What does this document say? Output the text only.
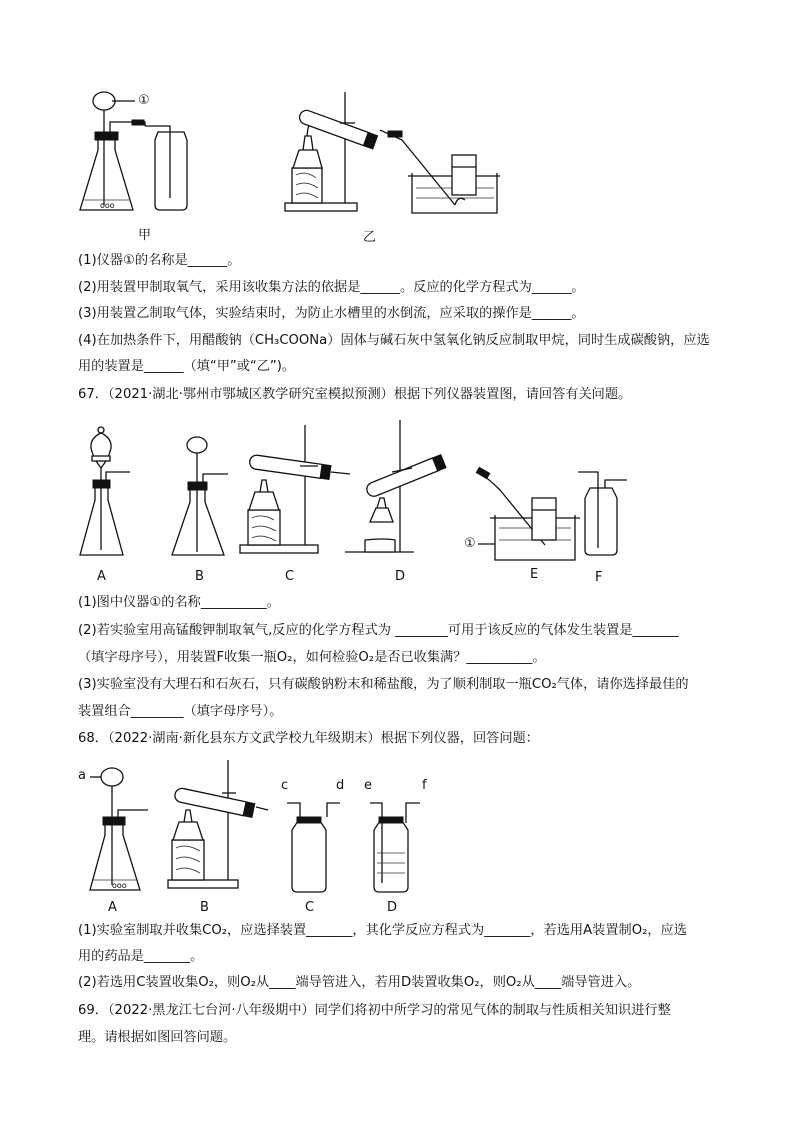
ooo
①
甲	乙
(1)仪器①的名称是______。
(2)用装置甲制取氧气，采用该收集方法的依据是______。反应的化学方程式为______。
(3)用装置乙制取气体，实验结束时，为防止水槽里的水倒流，应采取的操作是______。
(4)在加热条件下，用醋酸钠（CH₃COONa）固体与碱石灰中氢氧化钠反应制取甲烷，同时生成碳酸钠，应选
用的装置是______（填“甲”或“乙”)。
67．（2021·湖北·鄂州市鄂城区教学研究室模拟预测）根据下列仪器装置图，请回答有关问题。
①
A	B	C	D	E	F
(1)图中仪器①的名称__________。
(2)若实验室用高锰酸钾制取氧气,反应的化学方程式为 ________可用于该反应的气体发生装置是_______
（填字母序号），用装置F收集一瓶O₂，如何检验O₂是否已收集满？__________。
(3)实验室没有大理石和石灰石，只有碳酸钠粉末和稀盐酸，为了顺利制取一瓶CO₂气体，请你选择最佳的
装置组合________（填字母序号）。
68．（2022·湖南·新化县东方文武学校九年级期末）根据下列仪器，回答问题：
ooo
a
c	d e	f
A	B	C	D
(1)实验室制取并收集CO₂，应选择装置_______，其化学反应方程式为_______，若选用A装置制O₂，应选
用的药品是_______。
(2)若选用C装置收集O₂，则O₂从____端导管进入，若用D装置收集O₂，则O₂从____端导管进入。
69．（2022·黑龙江七台河·八年级期中）同学们将初中所学习的常见气体的制取与性质相关知识进行整
理。请根据如图回答问题。
